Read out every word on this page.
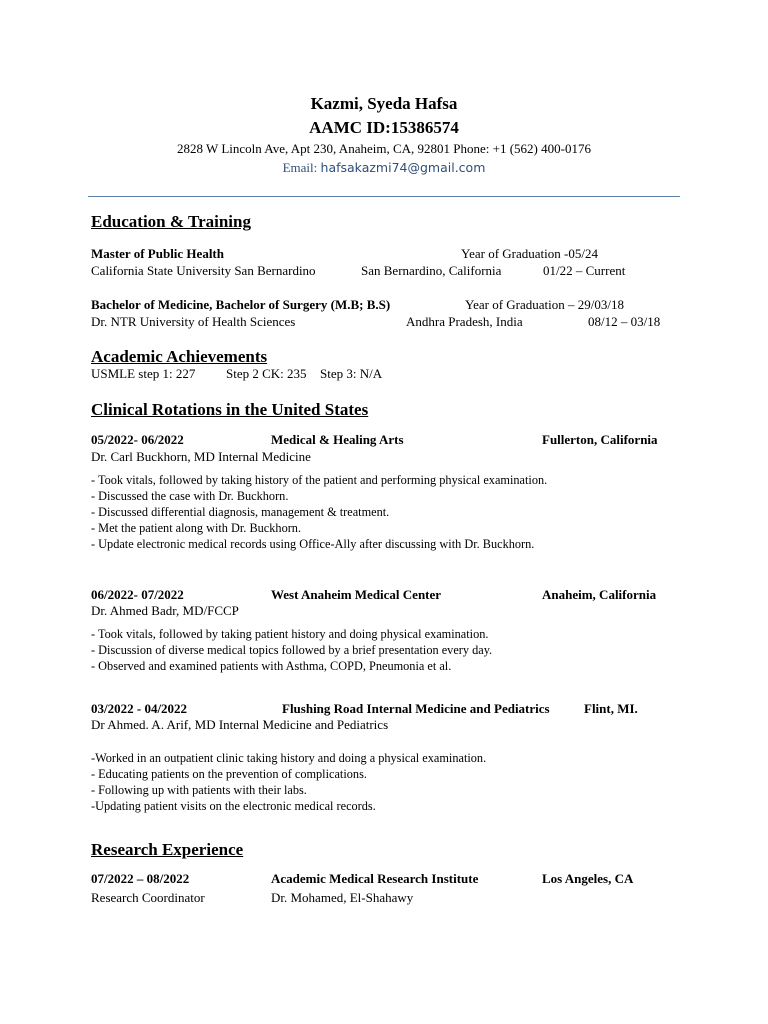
Kazmi, Syeda Hafsa
AAMC ID:15386574
2828 W Lincoln Ave, Apt 230, Anaheim, CA, 92801 Phone: +1 (562) 400-0176
Email: hafsakazmi74@gmail.com
Education & Training
Master of Public Health	Year of Graduation -05/24
California State University San Bernardino	San Bernardino, California	01/22 – Current
Bachelor of Medicine, Bachelor of Surgery (M.B; B.S)	Year of Graduation – 29/03/18
Dr. NTR University of Health Sciences	Andhra Pradesh, India	08/12 – 03/18
Academic Achievements
USMLE step 1: 227 Step 2 CK: 235 Step 3: N/A
Clinical Rotations in the United States
05/2022- 06/2022	Medical & Healing Arts	Fullerton, California
Dr. Carl Buckhorn, MD Internal Medicine
- Took vitals, followed by taking history of the patient and performing physical examination.
- Discussed the case with Dr. Buckhorn.
- Discussed differential diagnosis, management & treatment.
- Met the patient along with Dr. Buckhorn.
- Update electronic medical records using Office-Ally after discussing with Dr. Buckhorn.
06/2022- 07/2022	West Anaheim Medical Center	Anaheim, California
Dr. Ahmed Badr, MD/FCCP
- Took vitals, followed by taking patient history and doing physical examination.
- Discussion of diverse medical topics followed by a brief presentation every day.
- Observed and examined patients with Asthma, COPD, Pneumonia et al.
03/2022 - 04/2022	Flushing Road Internal Medicine and Pediatrics	Flint, MI.
Dr Ahmed. A. Arif, MD Internal Medicine and Pediatrics
-Worked in an outpatient clinic taking history and doing a physical examination.
- Educating patients on the prevention of complications.
- Following up with patients with their labs.
-Updating patient visits on the electronic medical records.
Research Experience
07/2022 – 08/2022	Academic Medical Research Institute	Los Angeles, CA
Research Coordinator	Dr. Mohamed, El-Shahawy
